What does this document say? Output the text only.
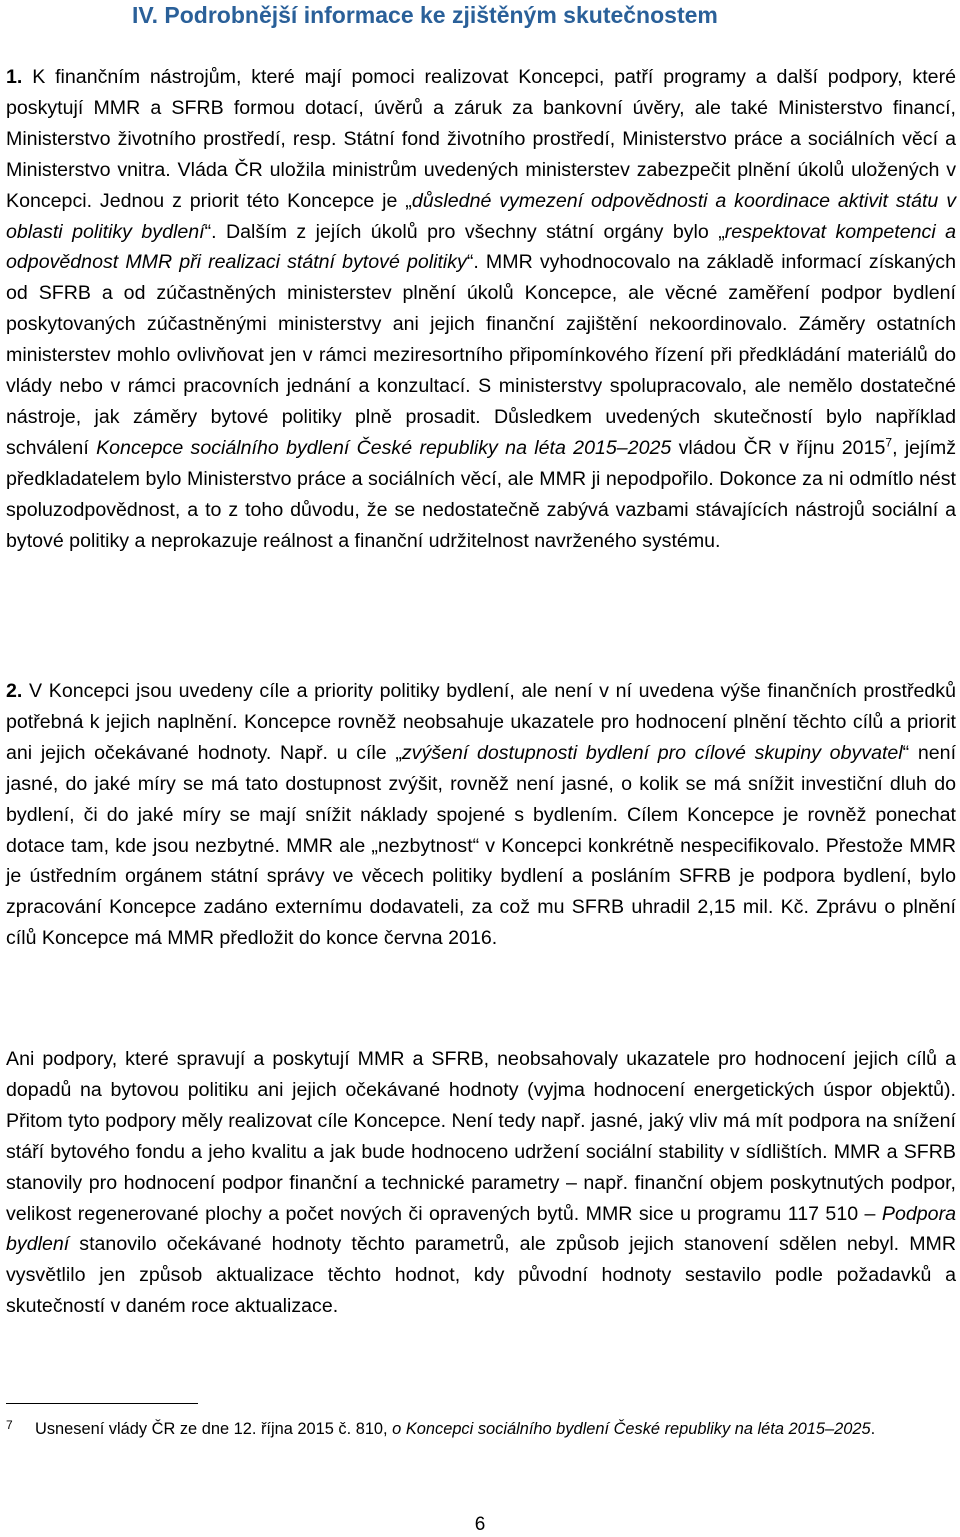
IV. Podrobnější informace ke zjištěným skutečnostem

1. K finančním nástrojům, které mají pomoci realizovat Koncepci, patří programy a další podpory, které poskytují MMR a SFRB formou dotací, úvěrů a záruk za bankovní úvěry, ale také Ministerstvo financí, Ministerstvo životního prostředí, resp. Státní fond životního prostředí, Ministerstvo práce a sociálních věcí a Ministerstvo vnitra. Vláda ČR uložila ministrům uvedených ministerstev zabezpečit plnění úkolů uložených v Koncepci. Jednou z priorit této Koncepce je „důsledné vymezení odpovědnosti a koordinace aktivit státu v oblasti politiky bydlení“. Dalším z jejích úkolů pro všechny státní orgány bylo „respektovat kompetenci a odpovědnost MMR při realizaci státní bytové politiky“. MMR vyhodnocovalo na základě informací získaných od SFRB a od zúčastněných ministerstev plnění úkolů Koncepce, ale věcné zaměření podpor bydlení poskytovaných zúčastněnými ministerstvy ani jejich finanční zajištění nekoordinovalo. Záměry ostatních ministerstev mohlo ovlivňovat jen v rámci meziresortního připomínkového řízení při předkládání materiálů do vlády nebo v rámci pracovních jednání a konzultací. S ministerstvy spolupracovalo, ale nemělo dostatečné nástroje, jak záměry bytové politiky plně prosadit. Důsledkem uvedených skutečností bylo například schválení Koncepce sociálního bydlení České republiky na léta 2015–2025 vládou ČR v říjnu 2015$^7$, jejímž předkladatelem bylo Ministerstvo práce a sociálních věcí, ale MMR ji nepodpořilo. Dokonce za ni odmítlo nést spoluzodpovědnost, a to z toho důvodu, že se nedostatečně zabývá vazbami stávajících nástrojů sociální a bytové politiky a neprokazuje reálnost a finanční udržitelnost navrženého systému.

2. V Koncepci jsou uvedeny cíle a priority politiky bydlení, ale není v ní uvedena výše finančních prostředků potřebná k jejich naplnění. Koncepce rovněž neobsahuje ukazatele pro hodnocení plnění těchto cílů a priorit ani jejich očekávané hodnoty. Např. u cíle „zvýšení dostupnosti bydlení pro cílové skupiny obyvatel“ není jasné, do jaké míry se má tato dostupnost zvýšit, rovněž není jasné, o kolik se má snížit investiční dluh do bydlení, či do jaké míry se mají snížit náklady spojené s bydlením. Cílem Koncepce je rovněž ponechat dotace tam, kde jsou nezbytné. MMR ale „nezbytnost“ v Koncepci konkrétně nespecifikovalo. Přestože MMR je ústředním orgánem státní správy ve věcech politiky bydlení a posláním SFRB je podpora bydlení, bylo zpracování Koncepce zadáno externímu dodavateli, za což mu SFRB uhradil 2,15 mil. Kč. Zprávu o plnění cílů Koncepce má MMR předložit do konce června 2016.

Ani podpory, které spravují a poskytují MMR a SFRB, neobsahovaly ukazatele pro hodnocení jejich cílů a dopadů na bytovou politiku ani jejich očekávané hodnoty (vyjma hodnocení energetických úspor objektů). Přitom tyto podpory měly realizovat cíle Koncepce. Není tedy např. jasné, jaký vliv má mít podpora na snížení stáří bytového fondu a jeho kvalitu a jak bude hodnoceno udržení sociální stability v sídlištích. MMR a SFRB stanovily pro hodnocení podpor finanční a technické parametry – např. finanční objem poskytnutých podpor, velikost regenerované plochy a počet nových či opravených bytů. MMR sice u programu 117 510 – Podpora bydlení stanovilo očekávané hodnoty těchto parametrů, ale způsob jejich stanovení sdělen nebyl. MMR vysvětlilo jen způsob aktualizace těchto hodnot, kdy původní hodnoty sestavilo podle požadavků a skutečností v daném roce aktualizace.

7 Usnesení vlády ČR ze dne 12. října 2015 č. 810, o Koncepci sociálního bydlení České republiky na léta 2015–2025.
6
